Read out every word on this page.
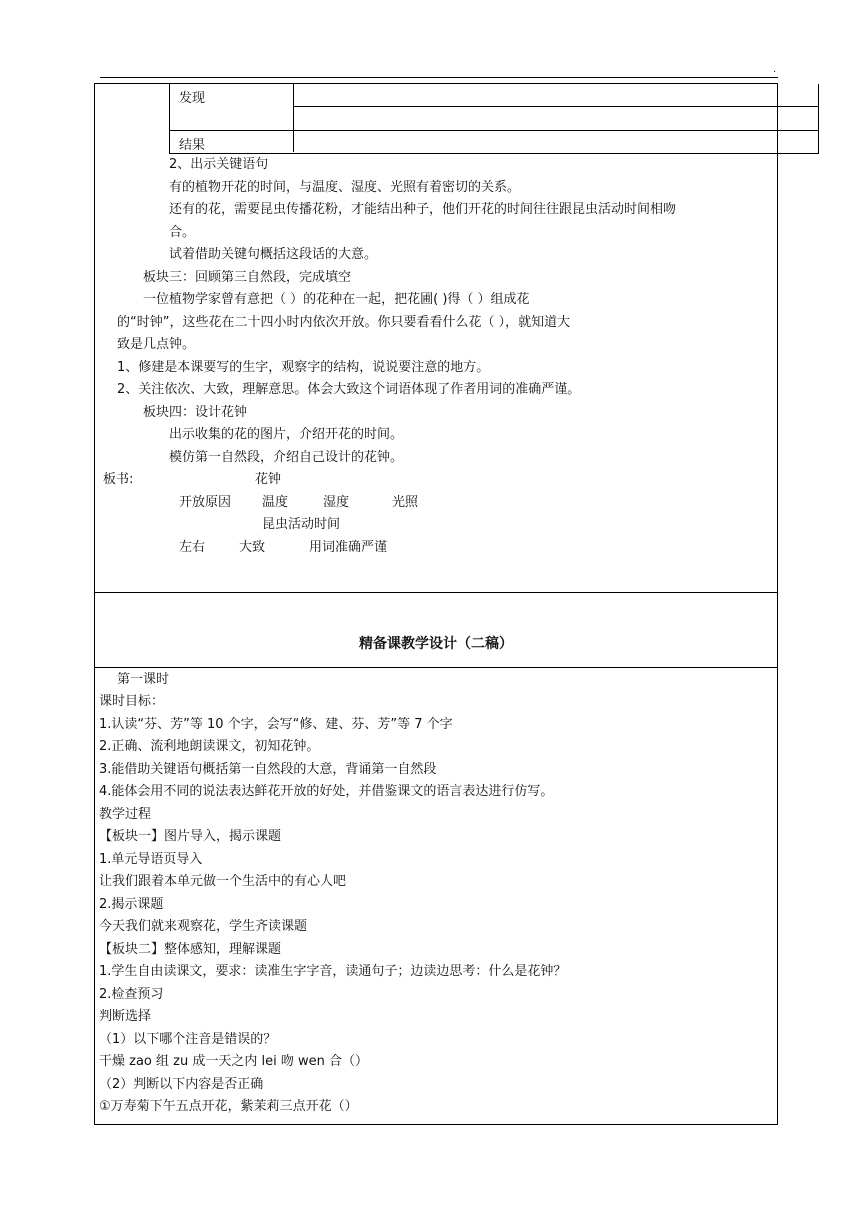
.
发现
结果
2、出示关键语句
有的植物开花的时间，与温度、湿度、光照有着密切的关系。
还有的花，需要昆虫传播花粉，才能结出种子，他们开花的时间往往跟昆虫活动时间相吻
合。
试着借助关键句概括这段话的大意。
板块三：回顾第三自然段，完成填空
一位植物学家曾有意把（ ）的花种在一起，把花圃( )得（ ）组成花
的“时钟”，这些花在二十四小时内依次开放。你只要看看什么花（ ），就知道大
致是几点钟。
1、修建是本课要写的生字，观察字的结构，说说要注意的地方。
2、关注依次、大致，理解意思。体会大致这个词语体现了作者用词的准确严谨。
板块四：设计花钟
出示收集的花的图片，介绍开花的时间。
模仿第一自然段，介绍自己设计的花钟。
板书:	花钟
开放原因 温度	湿度	光照
昆虫活动时间
左右	大致	用词准确严谨
精备课教学设计（二稿）
第一课时
课时目标：
1.认读“芬、芳”等 10 个字，会写“修、建、芬、芳”等 7 个字
2.正确、流利地朗读课文，初知花钟。
3.能借助关键语句概括第一自然段的大意，背诵第一自然段
4.能体会用不同的说法表达鲜花开放的好处，并借鉴课文的语言表达进行仿写。
教学过程
【板块一】图片导入，揭示课题
1.单元导语页导入
让我们跟着本单元做一个生活中的有心人吧
2.揭示课题
今天我们就来观察花，学生齐读课题
【板块二】整体感知，理解课题
1.学生自由读课文，要求：读准生字字音，读通句子；边读边思考：什么是花钟？
2.检查预习
判断选择
（1）以下哪个注音是错误的？
干燥 zao 组 zu 成一天之内 lei 吻 wen 合（）
（2）判断以下内容是否正确
①万寿菊下午五点开花，紫茉莉三点开花（）
